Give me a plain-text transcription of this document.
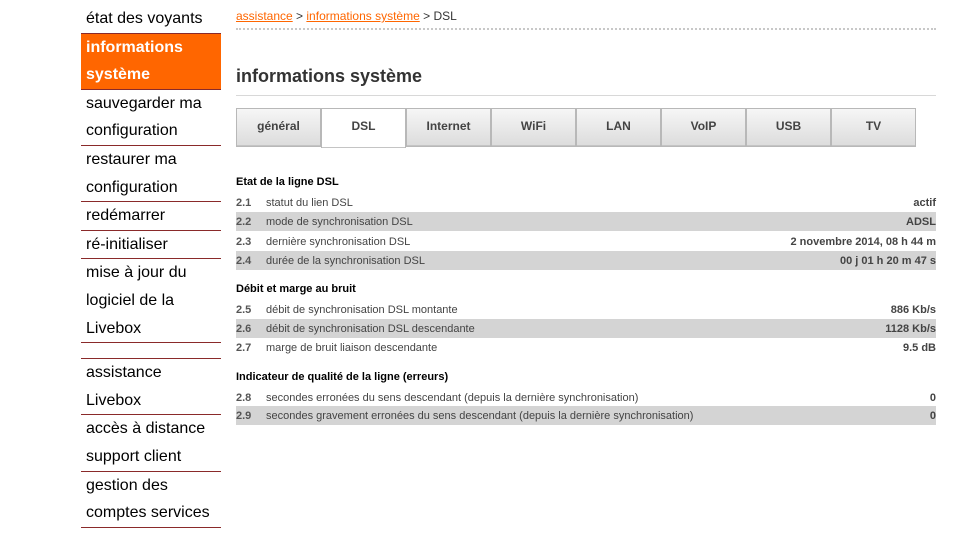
état des voyants
informations
système
sauvegarder ma
configuration
restaurer ma
configuration
redémarrer
ré-initialiser
mise à jour du
logiciel de la
Livebox
assistance
Livebox
accès à distance
support client
gestion des
comptes services
assistance > informations système > DSL
informations système
général	DSL	Internet	WiFi	LAN	VoIP	USB	TV
Etat de la ligne DSL
2.1	statut du lien DSL	actif
2.2	mode de synchronisation DSL	ADSL
2.3	dernière synchronisation DSL	2 novembre 2014, 08 h 44 m
2.4	durée de la synchronisation DSL	00 j 01 h 20 m 47 s
Débit et marge au bruit
2.5	débit de synchronisation DSL montante	886 Kb/s
2.6	débit de synchronisation DSL descendante	1128 Kb/s
2.7	marge de bruit liaison descendante	9.5 dB
Indicateur de qualité de la ligne (erreurs)
2.8	secondes erronées du sens descendant (depuis la dernière synchronisation)	0
2.9	secondes gravement erronées du sens descendant (depuis la dernière synchronisation)	0
